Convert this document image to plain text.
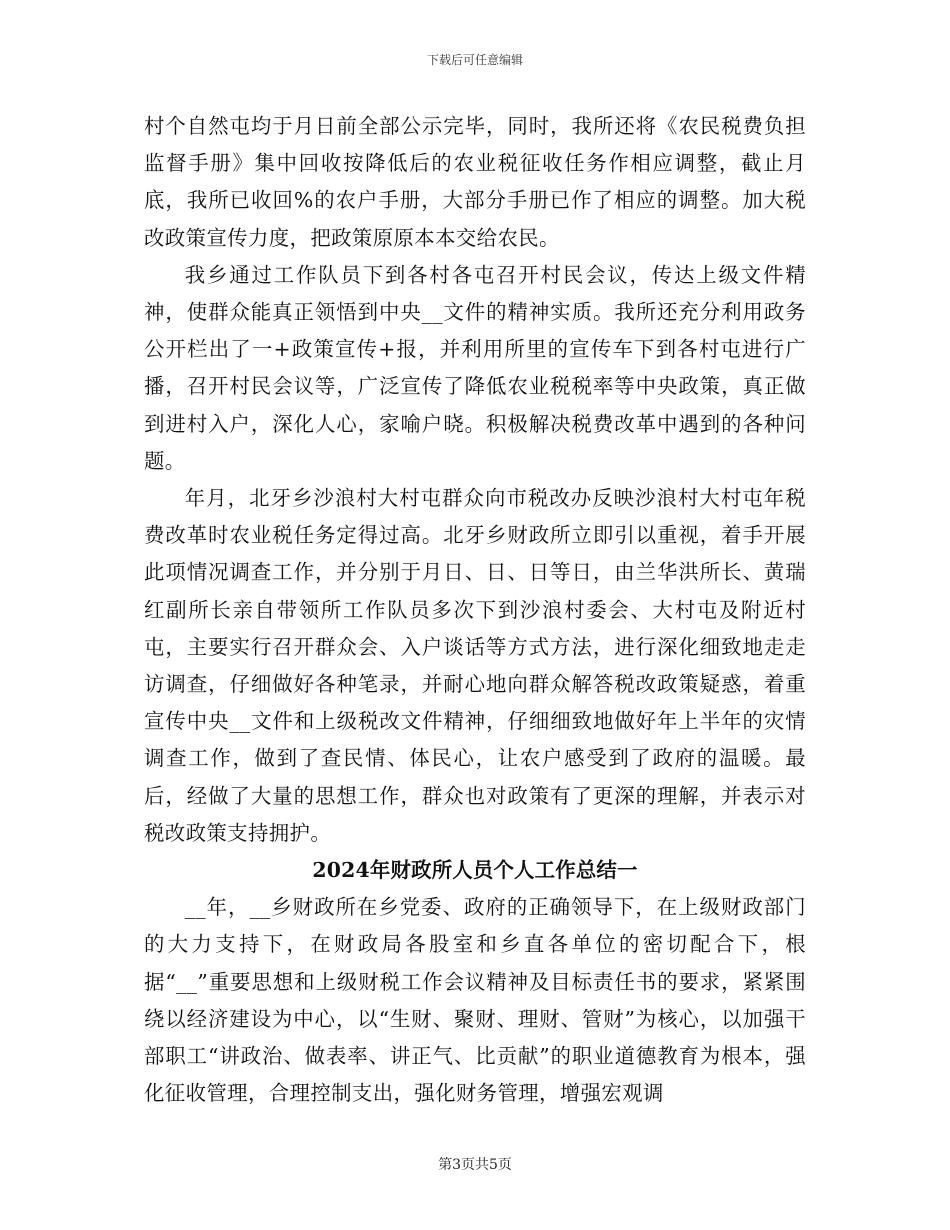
下载后可任意编辑

村个自然屯均于月日前全部公示完毕，同时，我所还将《农民税费负担监督手册》集中回收按降低后的农业税征收任务作相应调整，截止月底，我所已收回%的农户手册，大部分手册已作了相应的调整。加大税改政策宣传力度，把政策原原本本交给农民。

我乡通过工作队员下到各村各屯召开村民会议，传达上级文件精神，使群众能真正领悟到中央__文件的精神实质。我所还充分利用政务公开栏出了一+政策宣传+报，并利用所里的宣传车下到各村屯进行广播，召开村民会议等，广泛宣传了降低农业税税率等中央政策，真正做到进村入户，深化人心，家喻户晓。积极解决税费改革中遇到的各种问题。

年月，北牙乡沙浪村大村屯群众向市税改办反映沙浪村大村屯年税费改革时农业税任务定得过高。北牙乡财政所立即引以重视，着手开展此项情况调查工作，并分别于月日、日、日等日，由兰华洪所长、黄瑞红副所长亲自带领所工作队员多次下到沙浪村委会、大村屯及附近村屯，主要实行召开群众会、入户谈话等方式方法，进行深化细致地走走访调查，仔细做好各种笔录，并耐心地向群众解答税改政策疑惑，着重宣传中央__文件和上级税改文件精神，仔细细致地做好年上半年的灾情调查工作，做到了查民情、体民心，让农户感受到了政府的温暖。最后，经做了大量的思想工作，群众也对政策有了更深的理解，并表示对税改政策支持拥护。

2024年财政所人员个人工作总结一

__年，__乡财政所在乡党委、政府的正确领导下，在上级财政部门的大力支持下，在财政局各股室和乡直各单位的密切配合下，根据“__”重要思想和上级财税工作会议精神及目标责任书的要求，紧紧围绕以经济建设为中心，以“生财、聚财、理财、管财”为核心，以加强干部职工“讲政治、做表率、讲正气、比贡献”的职业道德教育为根本，强化征收管理，合理控制支出，强化财务管理，增强宏观调

第3页共5页
